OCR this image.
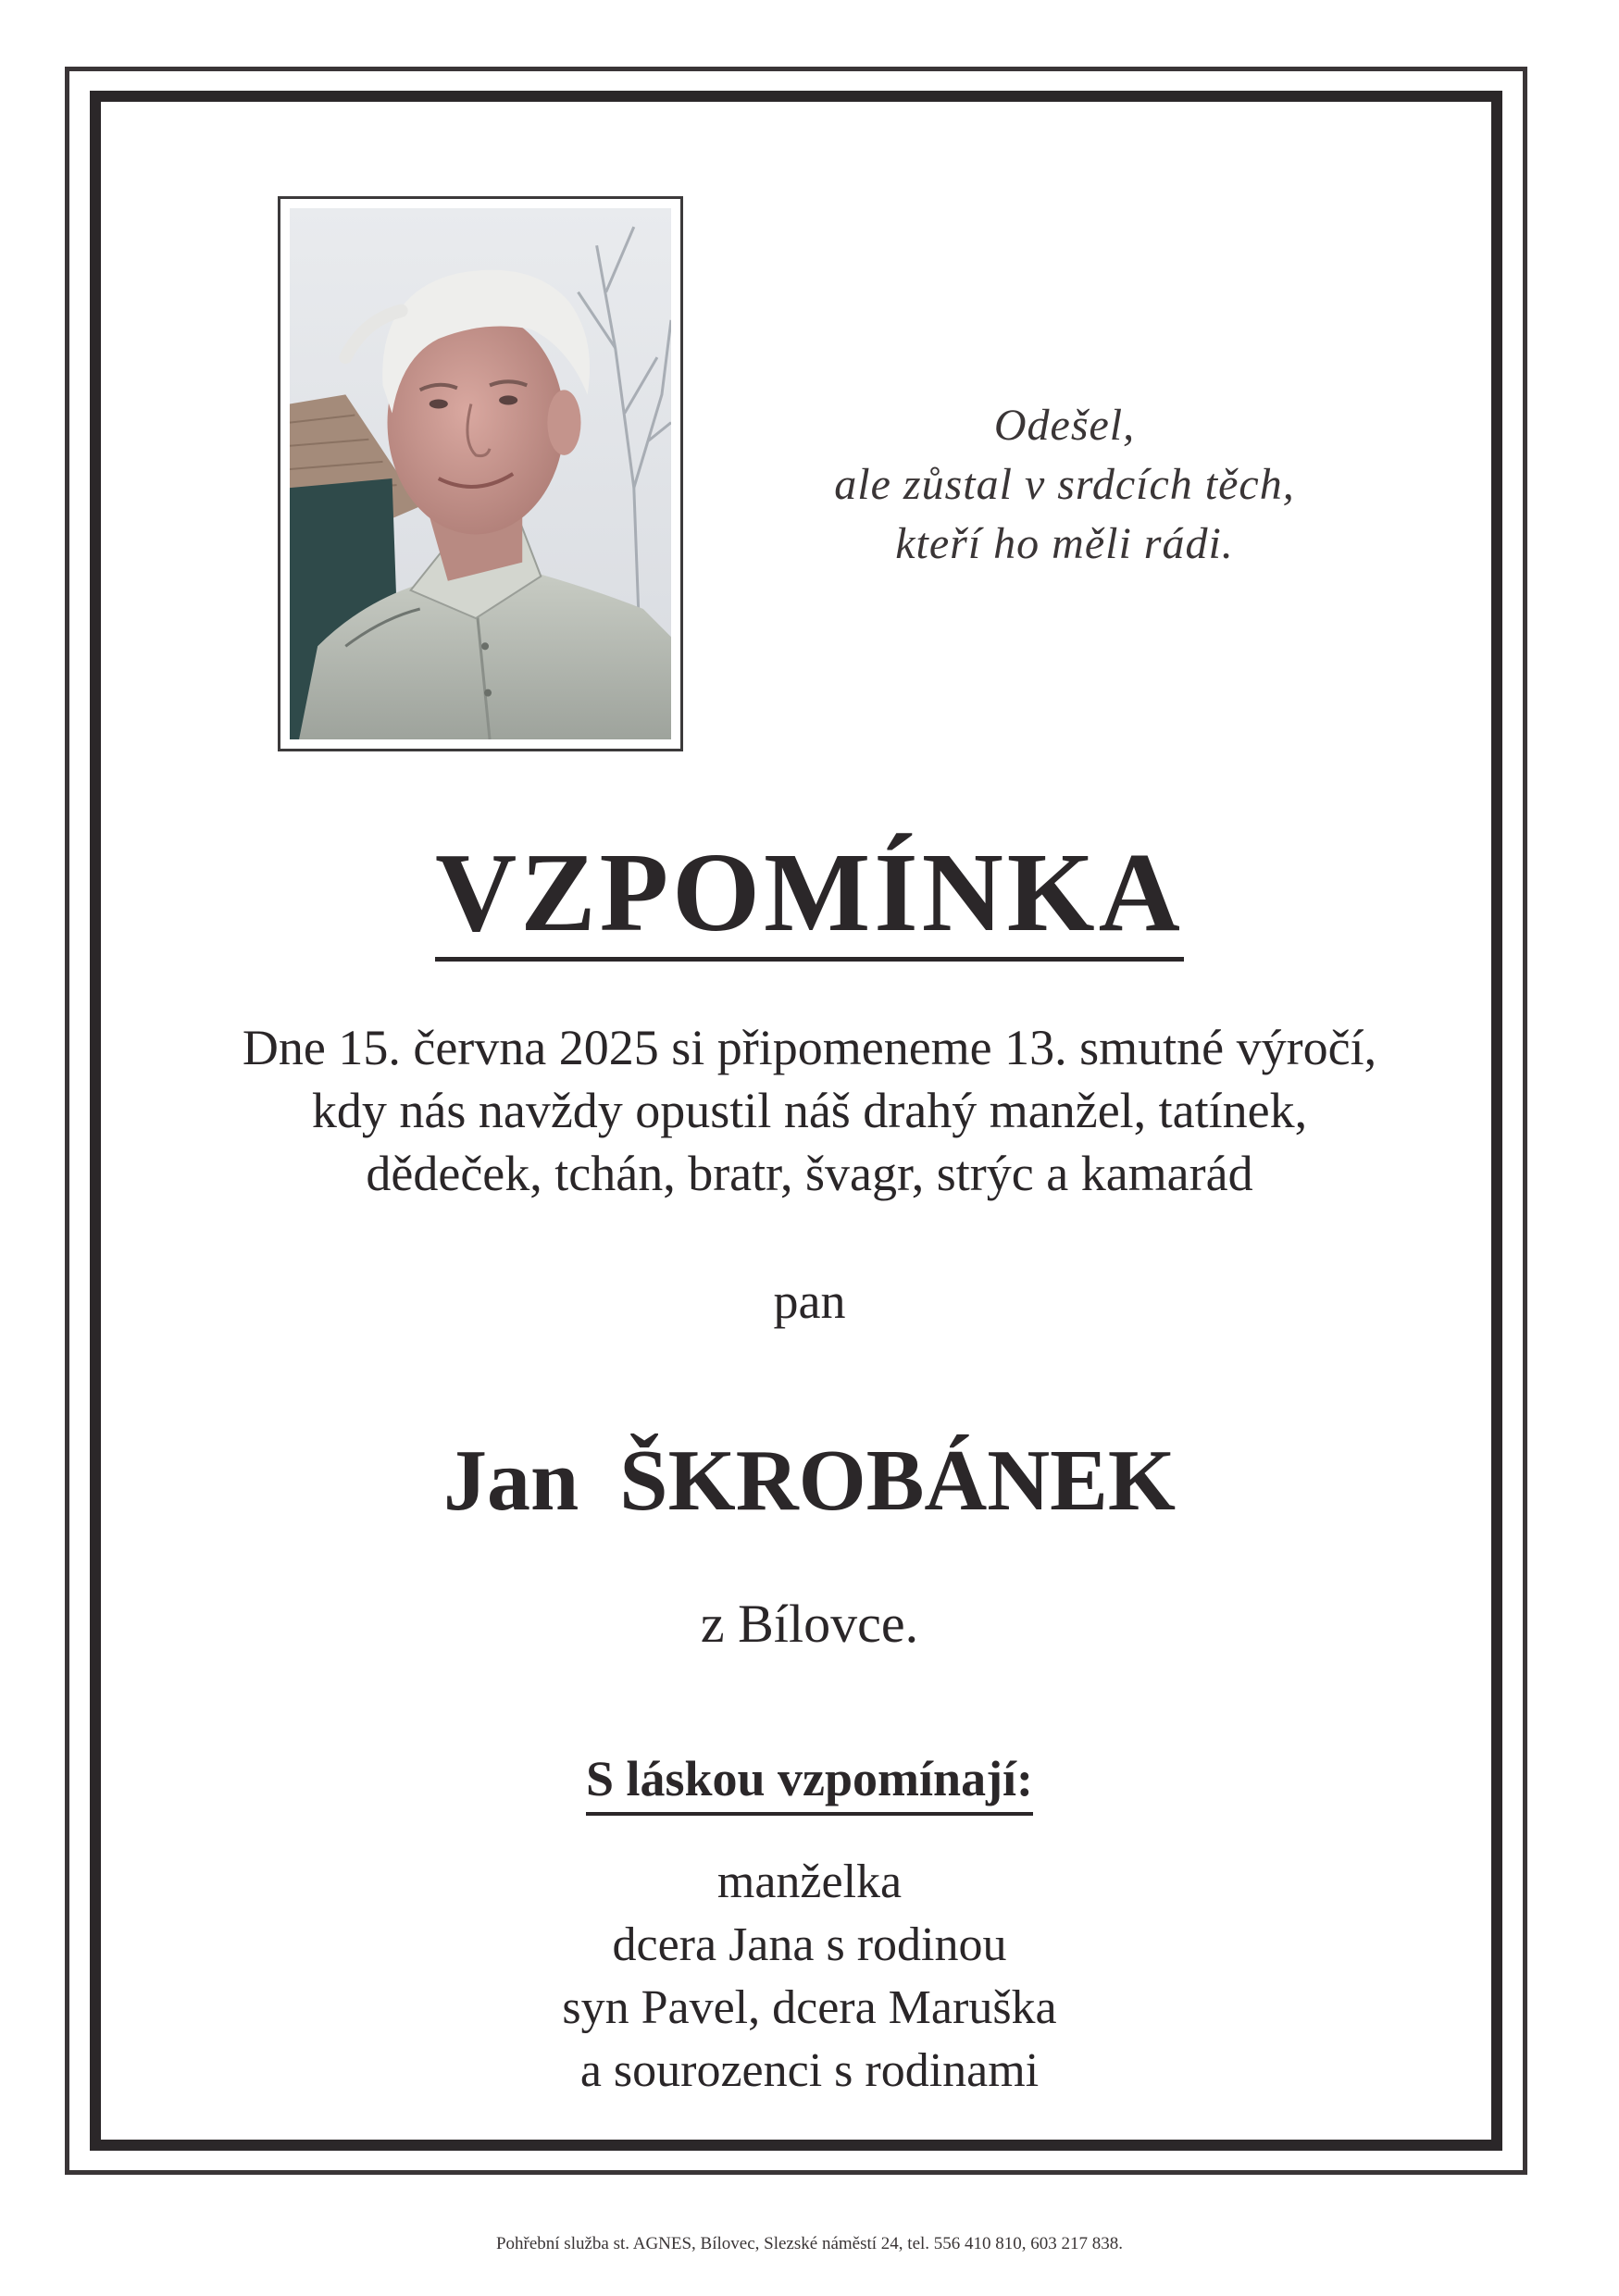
Odešel,
ale zůstal v srdcích těch,
kteří ho měli rádi.
VZPOMÍNKA
Dne 15. června 2025 si připomeneme 13. smutné výročí,
kdy nás navždy opustil náš drahý manžel, tatínek,
dědeček, tchán, bratr, švagr, strýc a kamarád
pan
Jan ŠKROBÁNEK
z Bílovce.
S láskou vzpomínají:
manželka
dcera Jana s rodinou
syn Pavel, dcera Maruška
a sourozenci s rodinami
Pohřební služba st. AGNES, Bílovec, Slezské náměstí 24, tel. 556 410 810, 603 217 838.
